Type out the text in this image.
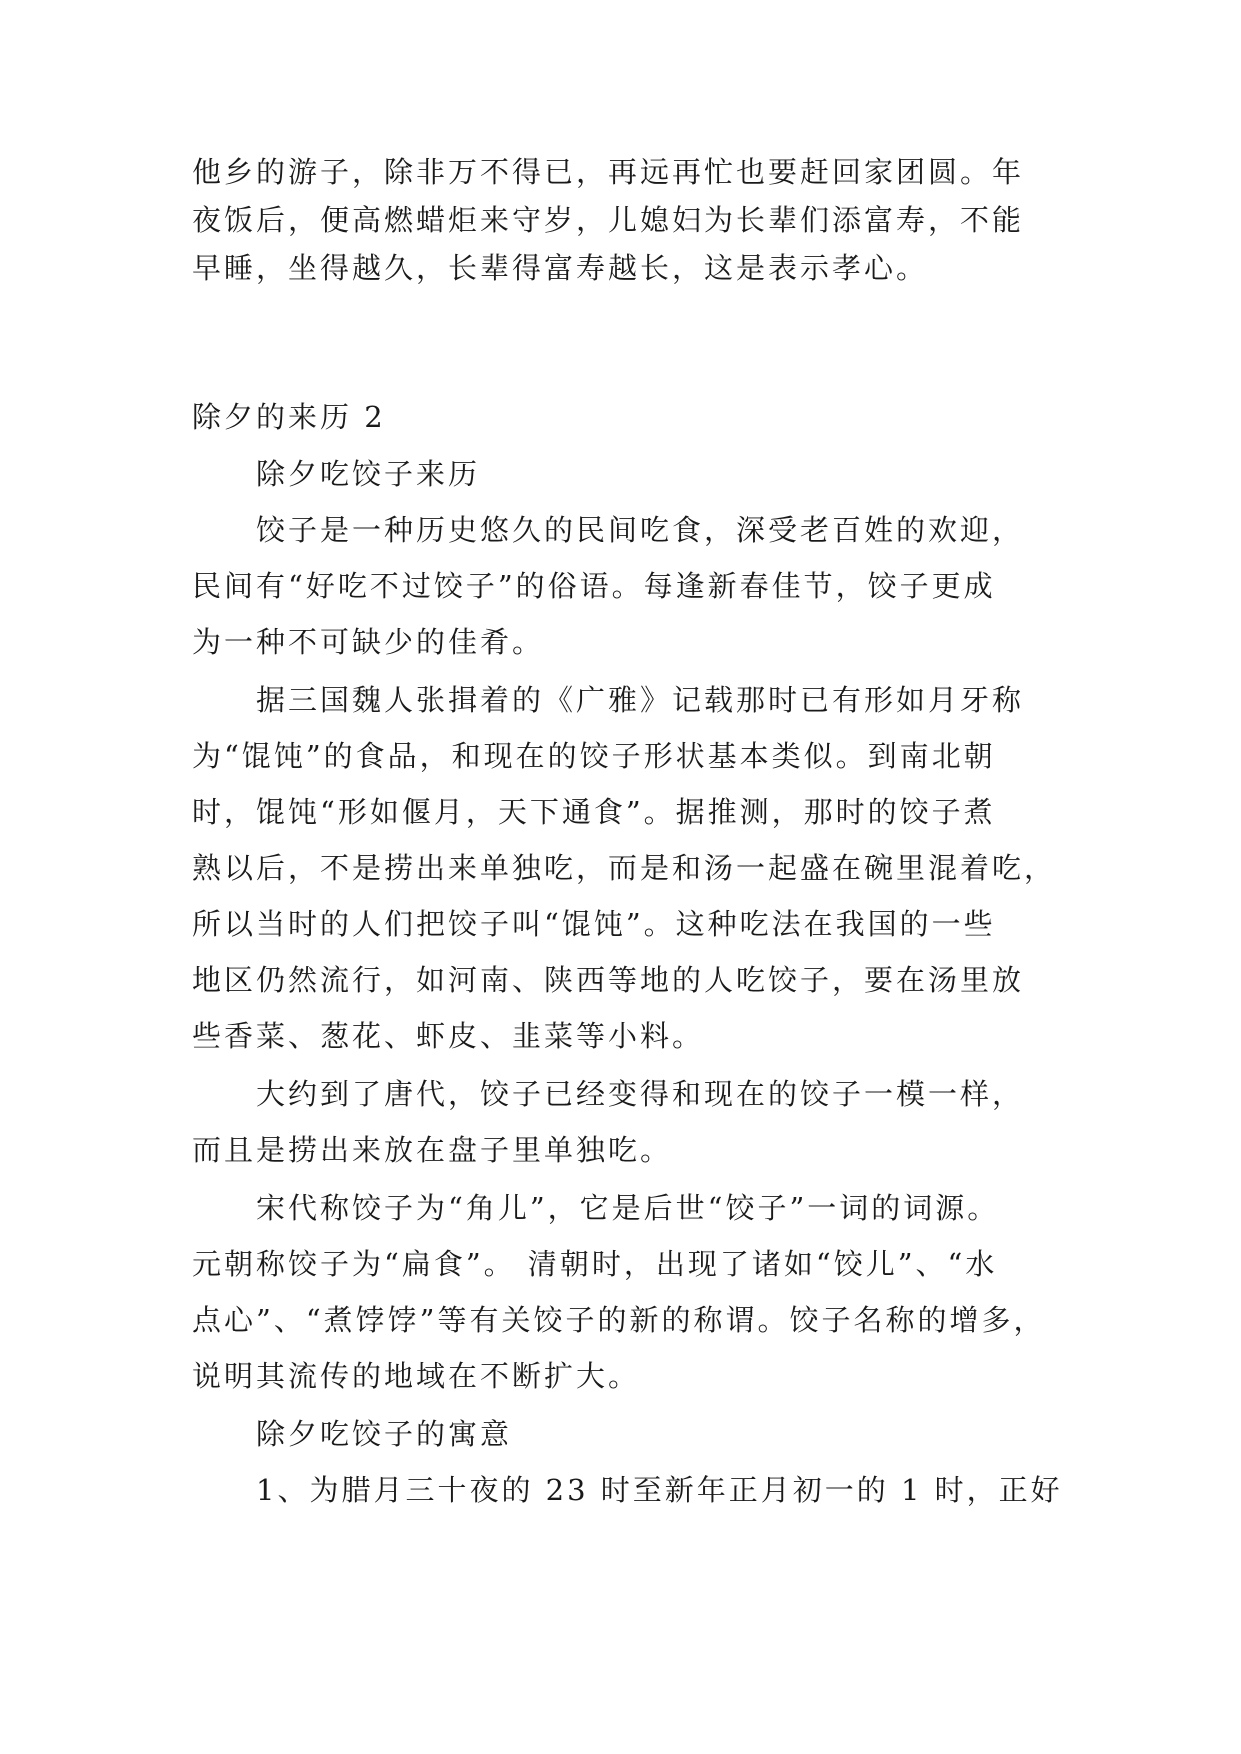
他乡的游子，除非万不得已，再远再忙也要赶回家团圆。年
夜饭后，便高燃蜡炬来守岁，儿媳妇为长辈们添富寿，不能
早睡，坐得越久，长辈得富寿越长，这是表示孝心。
除夕的来历 2
除夕吃饺子来历
饺子是一种历史悠久的民间吃食，深受老百姓的欢迎，
民间有“好吃不过饺子”的俗语。每逢新春佳节，饺子更成
为一种不可缺少的佳肴。
据三国魏人张揖着的《广雅》记载那时已有形如月牙称
为“馄饨”的食品，和现在的饺子形状基本类似。到南北朝
时，馄饨“形如偃月，天下通食”。据推测，那时的饺子煮
熟以后，不是捞出来单独吃，而是和汤一起盛在碗里混着吃，
所以当时的人们把饺子叫“馄饨”。这种吃法在我国的一些
地区仍然流行，如河南、陕西等地的人吃饺子，要在汤里放
些香菜、葱花、虾皮、韭菜等小料。
大约到了唐代，饺子已经变得和现在的饺子一模一样，
而且是捞出来放在盘子里单独吃。
宋代称饺子为“角儿”，它是后世“饺子”一词的词源。
元朝称饺子为“扁食”。 清朝时，出现了诸如“饺儿”、“水
点心”、“煮饽饽”等有关饺子的新的称谓。饺子名称的增多，
说明其流传的地域在不断扩大。
除夕吃饺子的寓意
1、为腊月三十夜的 23 时至新年正月初一的 1 时，正好
